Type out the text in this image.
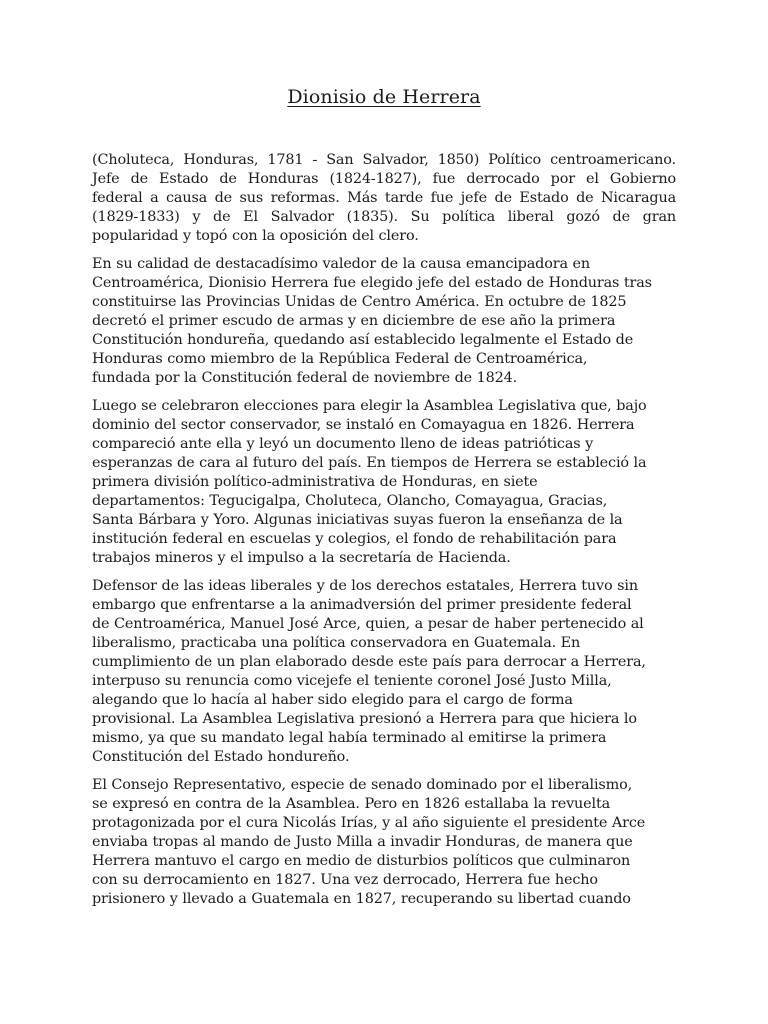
Dionisio de Herrera

(Choluteca, Honduras, 1781 - San Salvador, 1850) Político centroamericano.
Jefe de Estado de Honduras (1824-1827), fue derrocado por el Gobierno
federal a causa de sus reformas. Más tarde fue jefe de Estado de Nicaragua
(1829-1833) y de El Salvador (1835). Su política liberal gozó de gran
popularidad y topó con la oposición del clero.

En su calidad de destacadísimo valedor de la causa emancipadora en
Centroamérica, Dionisio Herrera fue elegido jefe del estado de Honduras tras
constituirse las Provincias Unidas de Centro América. En octubre de 1825
decretó el primer escudo de armas y en diciembre de ese año la primera
Constitución hondureña, quedando así establecido legalmente el Estado de
Honduras como miembro de la República Federal de Centroamérica,
fundada por la Constitución federal de noviembre de 1824.

Luego se celebraron elecciones para elegir la Asamblea Legislativa que, bajo
dominio del sector conservador, se instaló en Comayagua en 1826. Herrera
compareció ante ella y leyó un documento lleno de ideas patrióticas y
esperanzas de cara al futuro del país. En tiempos de Herrera se estableció la
primera división político-administrativa de Honduras, en siete
departamentos: Tegucigalpa, Choluteca, Olancho, Comayagua, Gracias,
Santa Bárbara y Yoro. Algunas iniciativas suyas fueron la enseñanza de la
institución federal en escuelas y colegios, el fondo de rehabilitación para
trabajos mineros y el impulso a la secretaría de Hacienda.

Defensor de las ideas liberales y de los derechos estatales, Herrera tuvo sin
embargo que enfrentarse a la animadversión del primer presidente federal
de Centroamérica, Manuel José Arce, quien, a pesar de haber pertenecido al
liberalismo, practicaba una política conservadora en Guatemala. En
cumplimiento de un plan elaborado desde este país para derrocar a Herrera,
interpuso su renuncia como vicejefe el teniente coronel José Justo Milla,
alegando que lo hacía al haber sido elegido para el cargo de forma
provisional. La Asamblea Legislativa presionó a Herrera para que hiciera lo
mismo, ya que su mandato legal había terminado al emitirse la primera
Constitución del Estado hondureño.

El Consejo Representativo, especie de senado dominado por el liberalismo,
se expresó en contra de la Asamblea. Pero en 1826 estallaba la revuelta
protagonizada por el cura Nicolás Irías, y al año siguiente el presidente Arce
enviaba tropas al mando de Justo Milla a invadir Honduras, de manera que
Herrera mantuvo el cargo en medio de disturbios políticos que culminaron
con su derrocamiento en 1827. Una vez derrocado, Herrera fue hecho
prisionero y llevado a Guatemala en 1827, recuperando su libertad cuando
